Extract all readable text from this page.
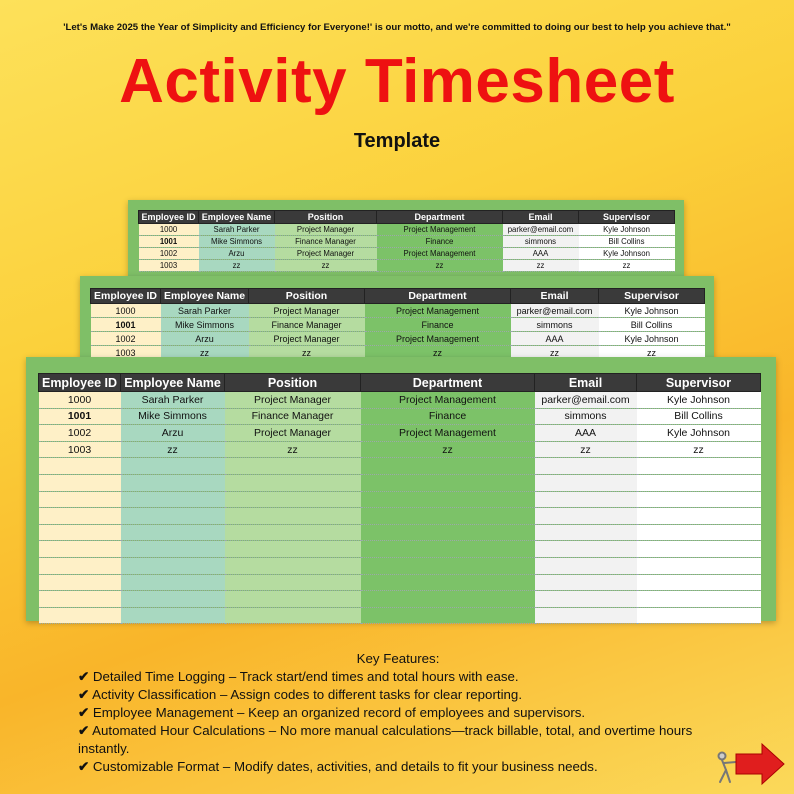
'Let's Make 2025 the Year of Simplicity and Efficiency for Everyone!' is our motto, and we're committed to doing our best to help you achieve that."
Activity Timesheet
Template
Employee ID	Employee Name	Position	Department	Email	Supervisor
1000	Sarah Parker	Project Manager	Project Management	parker@email.com	Kyle Johnson
1001	Mike Simmons	Finance Manager	Finance	simmons	Bill Collins
1002	Arzu	Project Manager	Project Management	AAA	Kyle Johnson
1003	zz	zz	zz	zz	zz
Employee ID	Employee Name	Position	Department	Email	Supervisor
1000	Sarah Parker	Project Manager	Project Management	parker@email.com	Kyle Johnson
1001	Mike Simmons	Finance Manager	Finance	simmons	Bill Collins
1002	Arzu	Project Manager	Project Management	AAA	Kyle Johnson
1003	zz	zz	zz	zz	zz
Employee ID	Employee Name	Position	Department	Email	Supervisor
1000	Sarah Parker	Project Manager	Project Management	parker@email.com	Kyle Johnson
1001	Mike Simmons	Finance Manager	Finance	simmons	Bill Collins
1002	Arzu	Project Manager	Project Management	AAA	Kyle Johnson
1003	zz	zz	zz	zz	zz

Key Features:
✔ Detailed Time Logging – Track start/end times and total hours with ease.
✔ Activity Classification – Assign codes to different tasks for clear reporting.
✔ Employee Management – Keep an organized record of employees and supervisors.
✔ Automated Hour Calculations – No more manual calculations—track billable, total, and overtime hours instantly.
✔ Customizable Format – Modify dates, activities, and details to fit your business needs.
